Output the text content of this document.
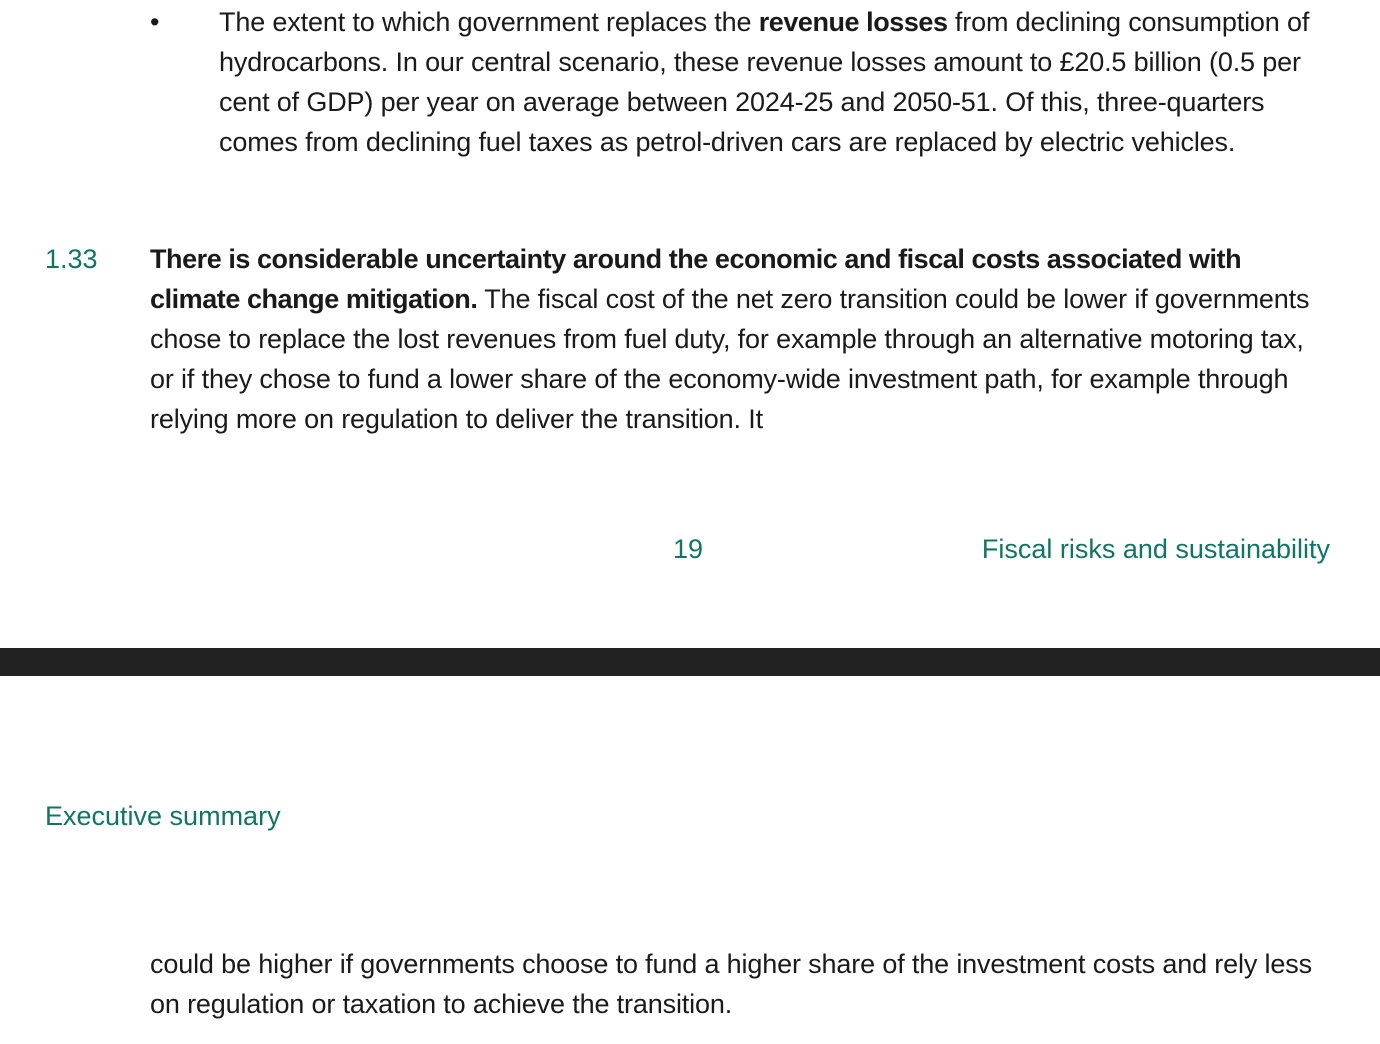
• The extent to which government replaces the revenue losses from declining consumption of hydrocarbons. In our central scenario, these revenue losses amount to £20.5 billion (0.5 per cent of GDP) per year on average between 2024-25 and 2050-51. Of this, three-quarters comes from declining fuel taxes as petrol-driven cars are replaced by electric vehicles.
1.33 There is considerable uncertainty around the economic and fiscal costs associated with climate change mitigation. The fiscal cost of the net zero transition could be lower if governments chose to replace the lost revenues from fuel duty, for example through an alternative motoring tax, or if they chose to fund a lower share of the economy-wide investment path, for example through relying more on regulation to deliver the transition. It
19	Fiscal risks and sustainability
Executive summary
could be higher if governments choose to fund a higher share of the investment costs and rely less on regulation or taxation to achieve the transition.
